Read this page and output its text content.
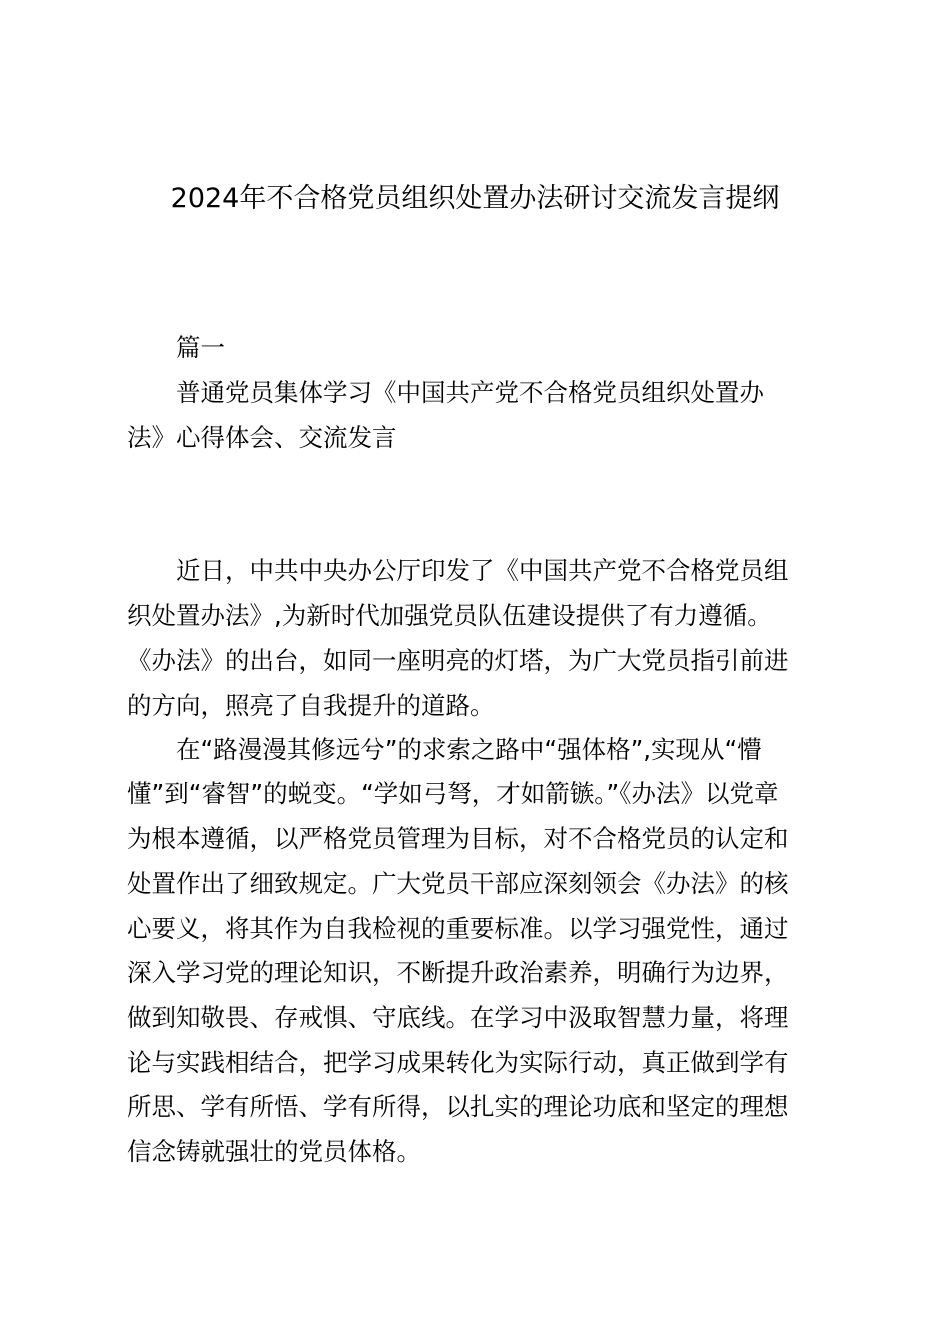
2024年不合格党员组织处置办法研讨交流发言提纲
篇一
普通党员集体学习《中国共产党不合格党员组织处置办
法》心得体会、交流发言
近日，中共中央办公厅印发了《中国共产党不合格党员组
织处置办法》,为新时代加强党员队伍建设提供了有力遵循。
《办法》的出台，如同一座明亮的灯塔，为广大党员指引前进
的方向，照亮了自我提升的道路。
在“路漫漫其修远兮”的求索之路中“强体格”,实现从“懵
懂”到“睿智”的蜕变。“学如弓弩，才如箭镞。”《办法》以党章
为根本遵循，以严格党员管理为目标，对不合格党员的认定和
处置作出了细致规定。广大党员干部应深刻领会《办法》的核
心要义，将其作为自我检视的重要标准。以学习强党性，通过
深入学习党的理论知识，不断提升政治素养，明确行为边界，
做到知敬畏、存戒惧、守底线。在学习中汲取智慧力量，将理
论与实践相结合，把学习成果转化为实际行动，真正做到学有
所思、学有所悟、学有所得，以扎实的理论功底和坚定的理想
信念铸就强壮的党员体格。
